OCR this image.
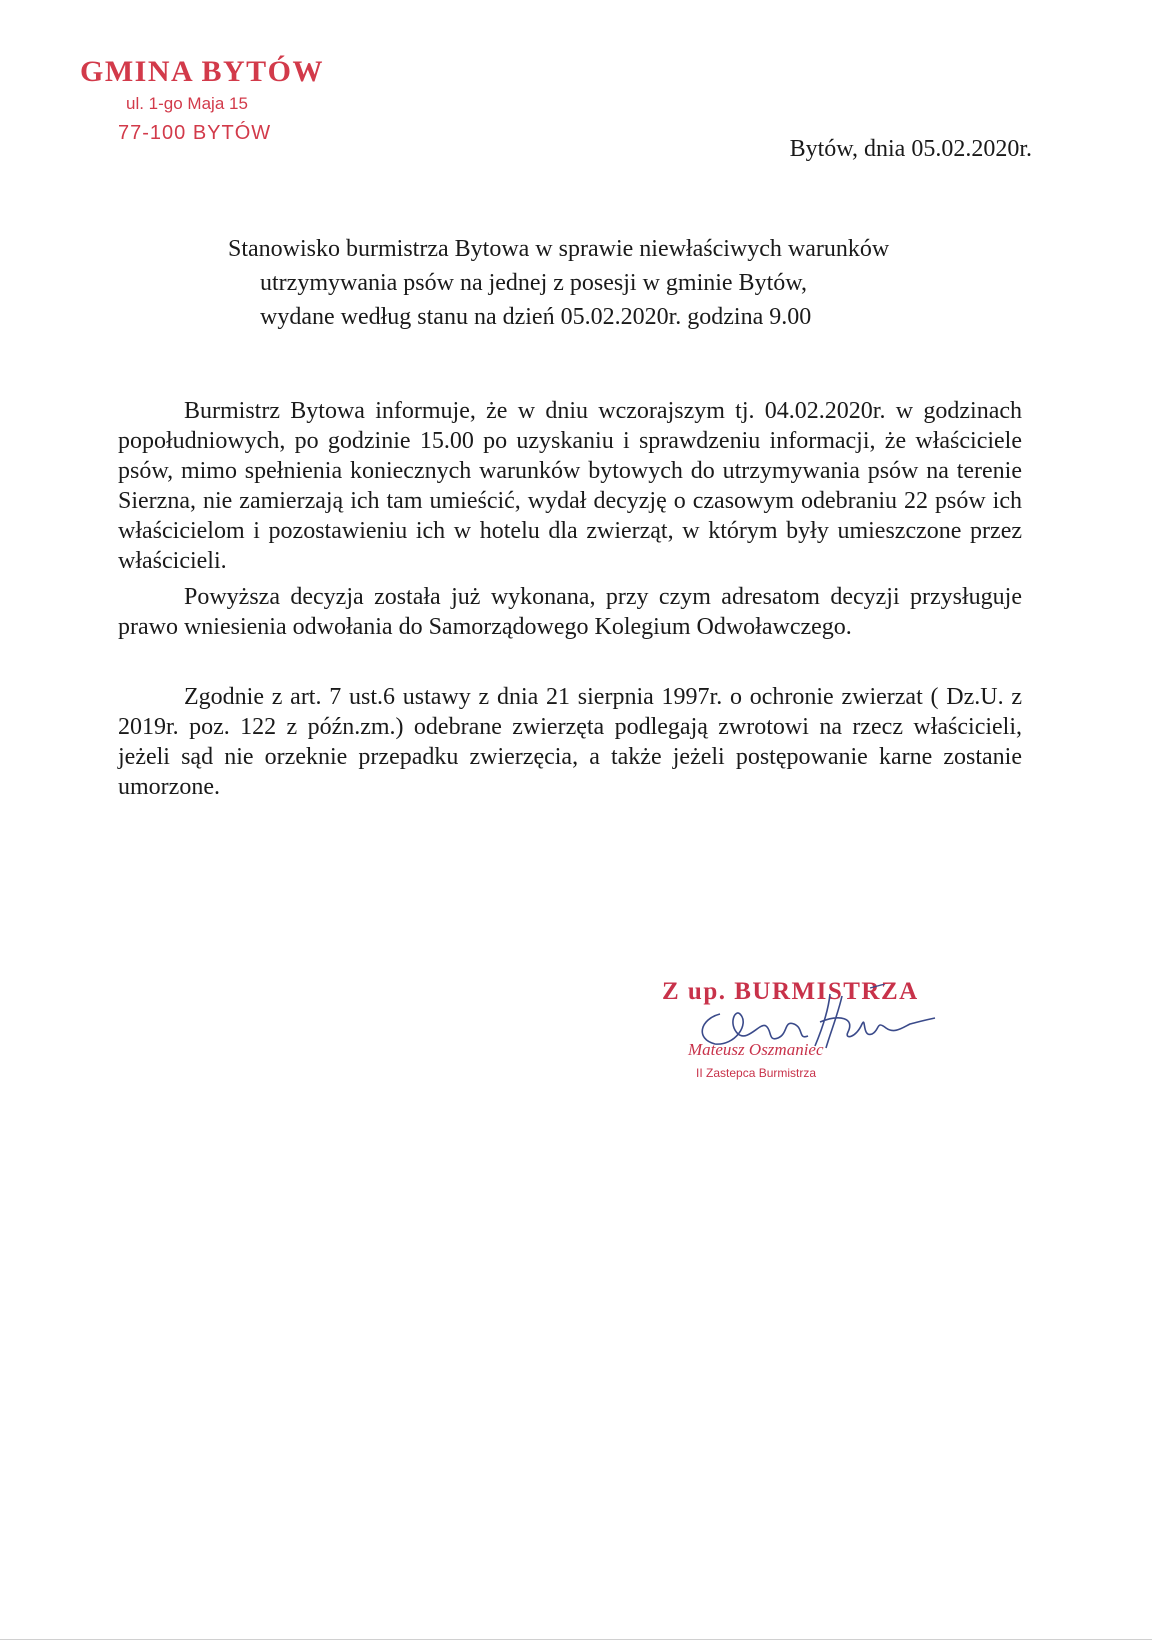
GMINA BYTÓW
ul. 1-go Maja 15
77-100 BYTÓW
Bytów, dnia 05.02.2020r.
Stanowisko burmistrza Bytowa w sprawie niewłaściwych warunków
utrzymywania psów na jednej z posesji w gminie Bytów,
wydane według stanu na dzień 05.02.2020r. godzina 9.00

Burmistrz Bytowa informuje, że w dniu wczorajszym tj. 04.02.2020r. w godzinach popołudniowych, po godzinie 15.00 po uzyskaniu i sprawdzeniu informacji, że właściciele psów, mimo spełnienia koniecznych warunków bytowych do utrzymywania psów na terenie Sierzna, nie zamierzają ich tam umieścić, wydał decyzję o czasowym odebraniu 22 psów ich właścicielom i pozostawieniu ich w hotelu dla zwierząt, w którym były umieszczone przez właścicieli.

Powyższa decyzja została już wykonana, przy czym adresatom decyzji przysługuje prawo wniesienia odwołania do Samorządowego Kolegium Odwoławczego.

Zgodnie z art. 7 ust.6 ustawy z dnia 21 sierpnia 1997r. o ochronie zwierzat ( Dz.U. z 2019r. poz. 122 z późn.zm.) odebrane zwierzęta podlegają zwrotowi na rzecz właścicieli, jeżeli sąd nie orzeknie przepadku zwierzęcia, a także jeżeli postępowanie karne zostanie umorzone.

Z up. BURMISTRZA
Mateusz Oszmaniec
II Zastepca Burmistrza
